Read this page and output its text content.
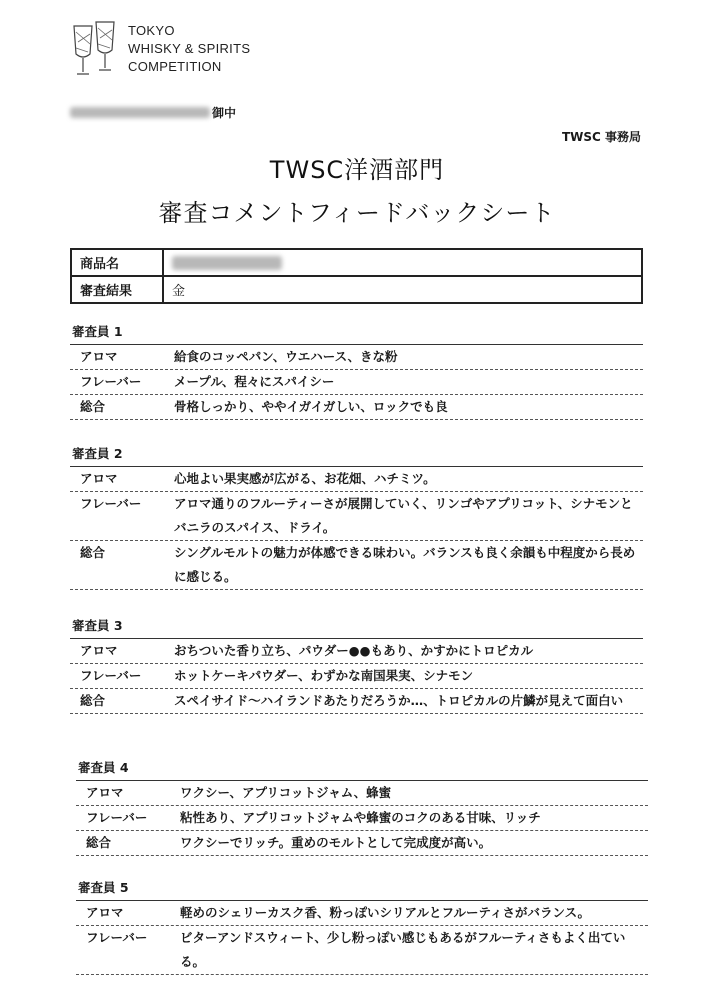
TOKYO
WHISKY & SPIRITS
COMPETITION
御中
TWSC 事務局
TWSC洋酒部門
審査コメントフィードバックシート
商品名	
審査結果	金
審査員 1
アロマ	給食のコッペパン、ウエハース、きな粉
フレーバー	メープル、程々にスパイシー
総合	骨格しっかり、ややイガイガしい、ロックでも良
審査員 2
アロマ	心地よい果実感が広がる、お花畑、ハチミツ。
フレーバー	アロマ通りのフルーティーさが展開していく、リンゴやアプリコット、シナモンとバニラのスパイス、ドライ。
総合	シングルモルトの魅力が体感できる味わい。バランスも良く余韻も中程度から長めに感じる。
審査員 3
アロマ	おちついた香り立ち、パウダー●●もあり、かすかにトロピカル
フレーバー	ホットケーキパウダー、わずかな南国果実、シナモン
総合	スペイサイド～ハイランドあたりだろうか…、トロピカルの片鱗が見えて面白い
審査員 4
アロマ	ワクシー、アプリコットジャム、蜂蜜
フレーバー	粘性あり、アプリコットジャムや蜂蜜のコクのある甘味、リッチ
総合	ワクシーでリッチ。重めのモルトとして完成度が高い。
審査員 5
アロマ	軽めのシェリーカスク香、粉っぽいシリアルとフルーティさがバランス。
フレーバー	ビターアンドスウィート、少し粉っぽい感じもあるがフルーティさもよく出ている。
